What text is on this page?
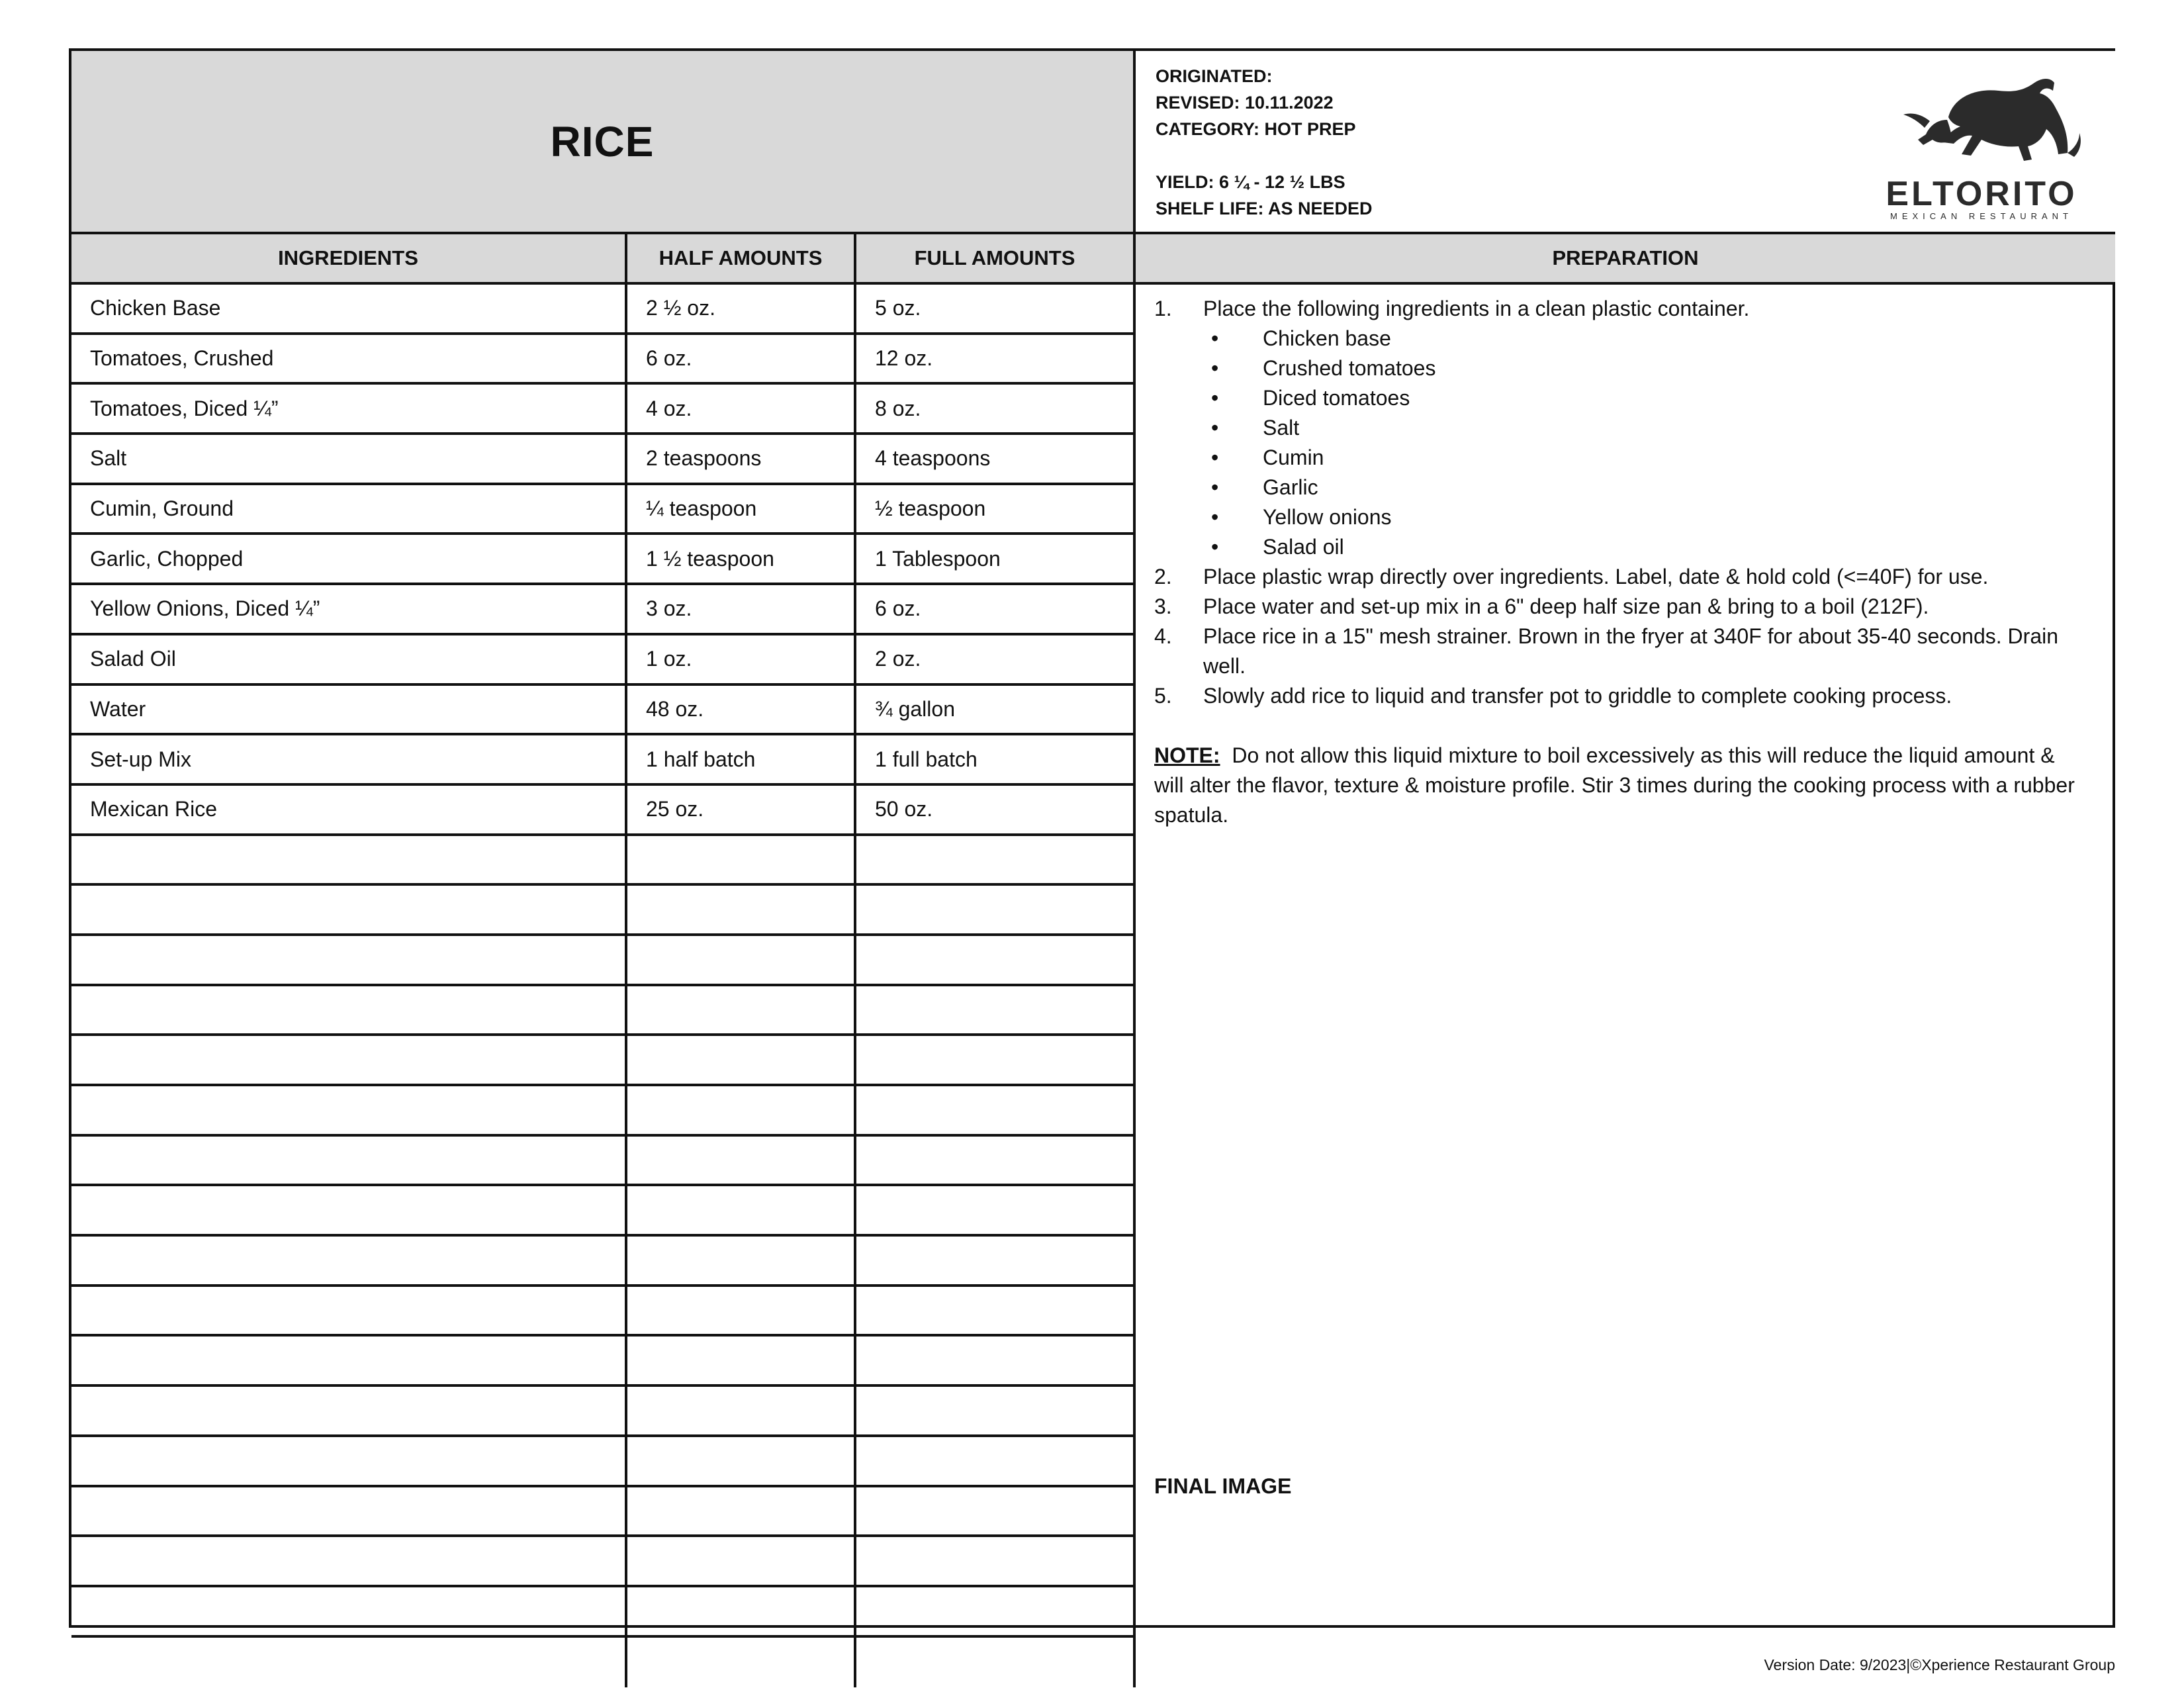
RICE
ORIGINATED:
REVISED: 10.11.2022
CATEGORY: HOT PREP
YIELD: 6 ¼ - 12 ½ LBS
SHELF LIFE: AS NEEDED	ELTORITO
MEXICAN RESTAURANT
INGREDIENTS	HALF AMOUNTS	FULL AMOUNTS	PREPARATION
Chicken Base	2 ½ oz.	5 oz.
Tomatoes, Crushed	6 oz.	12 oz.
Tomatoes, Diced ¼”	4 oz.	8 oz.
Salt	2 teaspoons	4 teaspoons
Cumin, Ground	¼ teaspoon	½ teaspoon
Garlic, Chopped	1 ½ teaspoon	1 Tablespoon
Yellow Onions, Diced ¼”	3 oz.	6 oz.
Salad Oil	1 oz.	2 oz.
Water	48 oz.	¾ gallon
Set-up Mix	1 half batch	1 full batch
Mexican Rice	25 oz.	50 oz.
1. Place the following ingredients in a clean plastic container.
• Chicken base
• Crushed tomatoes
• Diced tomatoes
• Salt
• Cumin
• Garlic
• Yellow onions
• Salad oil
2. Place plastic wrap directly over ingredients. Label, date & hold cold (<=40F) for use.
3. Place water and set-up mix in a 6" deep half size pan & bring to a boil (212F).
4. Place rice in a 15" mesh strainer. Brown in the fryer at 340F for about 35-40 seconds. Drain well.
5. Slowly add rice to liquid and transfer pot to griddle to complete cooking process.
NOTE:  Do not allow this liquid mixture to boil excessively as this will reduce the liquid amount & will alter the flavor, texture & moisture profile. Stir 3 times during the cooking process with a rubber spatula.
FINAL IMAGE
Version Date: 9/2023|©Xperience Restaurant Group
